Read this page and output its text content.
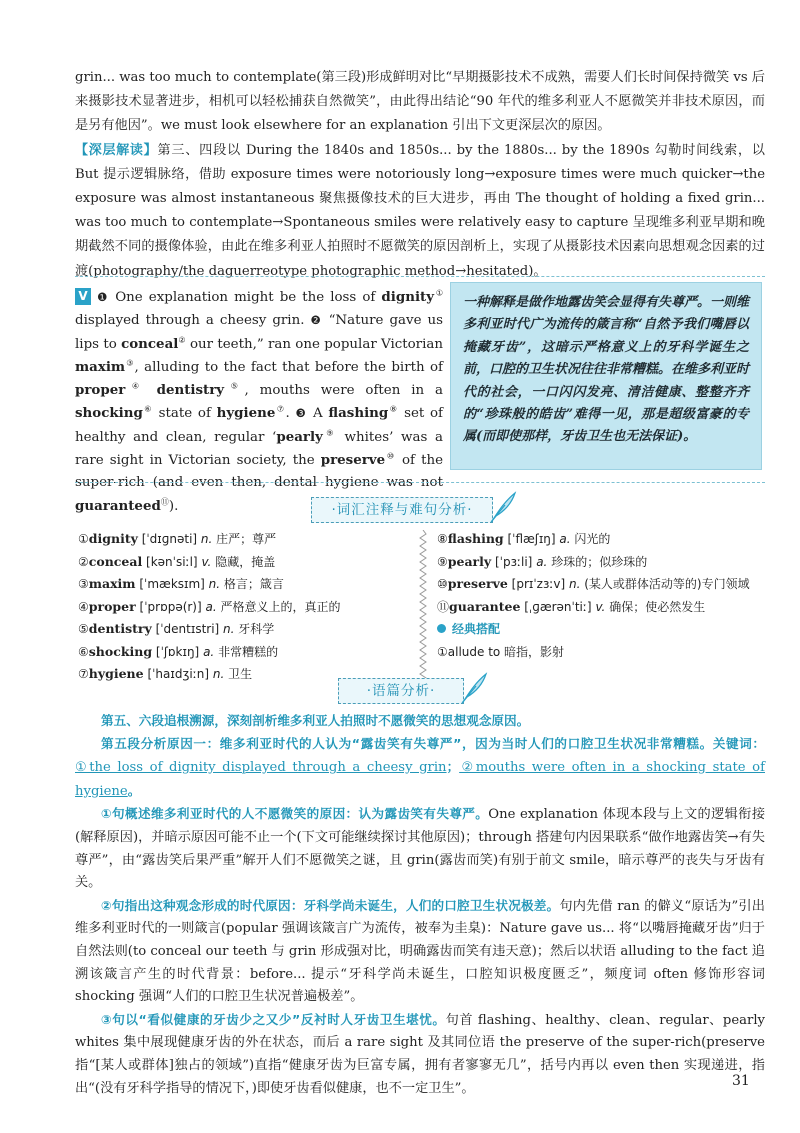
grin... was too much to contemplate(第三段)形成鲜明对比“早期摄影技术不成熟，需要人们长时间保持微笑 vs 后来摄影技术显著进步，相机可以轻松捕获自然微笑”，由此得出结论“90 年代的维多利亚人不愿微笑并非技术原因，而是另有他因”。we must look elsewhere for an explanation 引出下文更深层次的原因。

【深层解读】第三、四段以 During the 1840s and 1850s... by the 1880s... by the 1890s 勾勒时间线索，以 But 提示逻辑脉络，借助 exposure times were notoriously long→exposure times were much quicker→the exposure was almost instantaneous 聚焦摄像技术的巨大进步，再由 The thought of holding a fixed grin... was too much to contemplate→Spontaneous smiles were relatively easy to capture 呈现维多利亚早期和晚期截然不同的摄像体验，由此在维多利亚人拍照时不愿微笑的原因剖析上，实现了从摄影技术因素向思想观念因素的过渡(photography/the daguerreotype photographic method→hesitated)。

V ❶ One explanation might be the loss of dignity① displayed through a cheesy grin. ❷ “Nature gave us lips to conceal② our teeth,” ran one popular Victorian maxim③, alluding to the fact that before the birth of proper④ dentistry⑤, mouths were often in a shocking⑥ state of hygiene⑦. ❸ A flashing⑧ set of healthy and clean, regular ‘pearly⑨ whites’ was a rare sight in Victorian society, the preserve⑩ of the super-rich (and even then, dental hygiene was not guaranteed⑪).
一种解释是做作地露齿笑会显得有失尊严。一则维多利亚时代广为流传的箴言称“自然予我们嘴唇以掩藏牙齿”，这暗示严格意义上的牙科学诞生之前，口腔的卫生状况往往非常糟糕。在维多利亚时代的社会，一口闪闪发亮、清洁健康、整整齐齐的“珍珠般的皓齿”难得一见，那是超级富豪的专属(而即使那样，牙齿卫生也无法保证)。
·词汇注释与难句分析·
①dignity [ˈdɪɡnəti] n. 庄严；尊严
②conceal [kənˈsiːl] v. 隐藏，掩盖
③maxim [ˈmæksɪm] n. 格言；箴言
④proper [ˈprɒpə(r)] a. 严格意义上的，真正的
⑤dentistry [ˈdentɪstri] n. 牙科学
⑥shocking [ˈʃɒkɪŋ] a. 非常糟糕的
⑦hygiene [ˈhaɪdʒiːn] n. 卫生
⑧flashing [ˈflæʃɪŋ] a. 闪光的
⑨pearly [ˈpɜːli] a. 珍珠的；似珍珠的
⑩preserve [prɪˈzɜːv] n. (某人或群体活动等的)专门领域
⑪guarantee [ˌɡærənˈtiː] v. 确保；使必然发生
经典搭配
①allude to 暗指，影射
·语篇分析·

第五、六段追根溯源，深刻剖析维多利亚人拍照时不愿微笑的思想观念原因。

第五段分析原因一：维多利亚时代的人认为“露齿笑有失尊严”，因为当时人们的口腔卫生状况非常糟糕。关键词：①the loss of dignity displayed through a cheesy grin；②mouths were often in a shocking state of hygiene。

①句概述维多利亚时代的人不愿微笑的原因：认为露齿笑有失尊严。One explanation 体现本段与上文的逻辑衔接(解释原因)，并暗示原因可能不止一个(下文可能继续探讨其他原因)；through 搭建句内因果联系“做作地露齿笑→有失尊严”，由“露齿笑后果严重”解开人们不愿微笑之谜，且 grin(露齿而笑)有别于前文 smile，暗示尊严的丧失与牙齿有关。

②句指出这种观念形成的时代原因：牙科学尚未诞生，人们的口腔卫生状况极差。句内先借 ran 的僻义“原话为”引出维多利亚时代的一则箴言(popular 强调该箴言广为流传，被奉为圭臬)：Nature gave us... 将“以嘴唇掩藏牙齿”归于自然法则(to conceal our teeth 与 grin 形成强对比，明确露齿而笑有违天意)；然后以状语 alluding to the fact 追溯该箴言产生的时代背景：before... 提示“牙科学尚未诞生，口腔知识极度匮乏”，频度词 often 修饰形容词 shocking 强调“人们的口腔卫生状况普遍极差”。

③句以“看似健康的牙齿少之又少”反衬时人牙齿卫生堪忧。句首 flashing、healthy、clean、regular、pearly whites 集中展现健康牙齿的外在状态，而后 a rare sight 及其同位语 the preserve of the super-rich(preserve 指“[某人或群体]独占的领域”)直指“健康牙齿为巨富专属，拥有者寥寥无几”，括号内再以 even then 实现递进，指出“(没有牙科学指导的情况下，)即使牙齿看似健康，也不一定卫生”。	31
